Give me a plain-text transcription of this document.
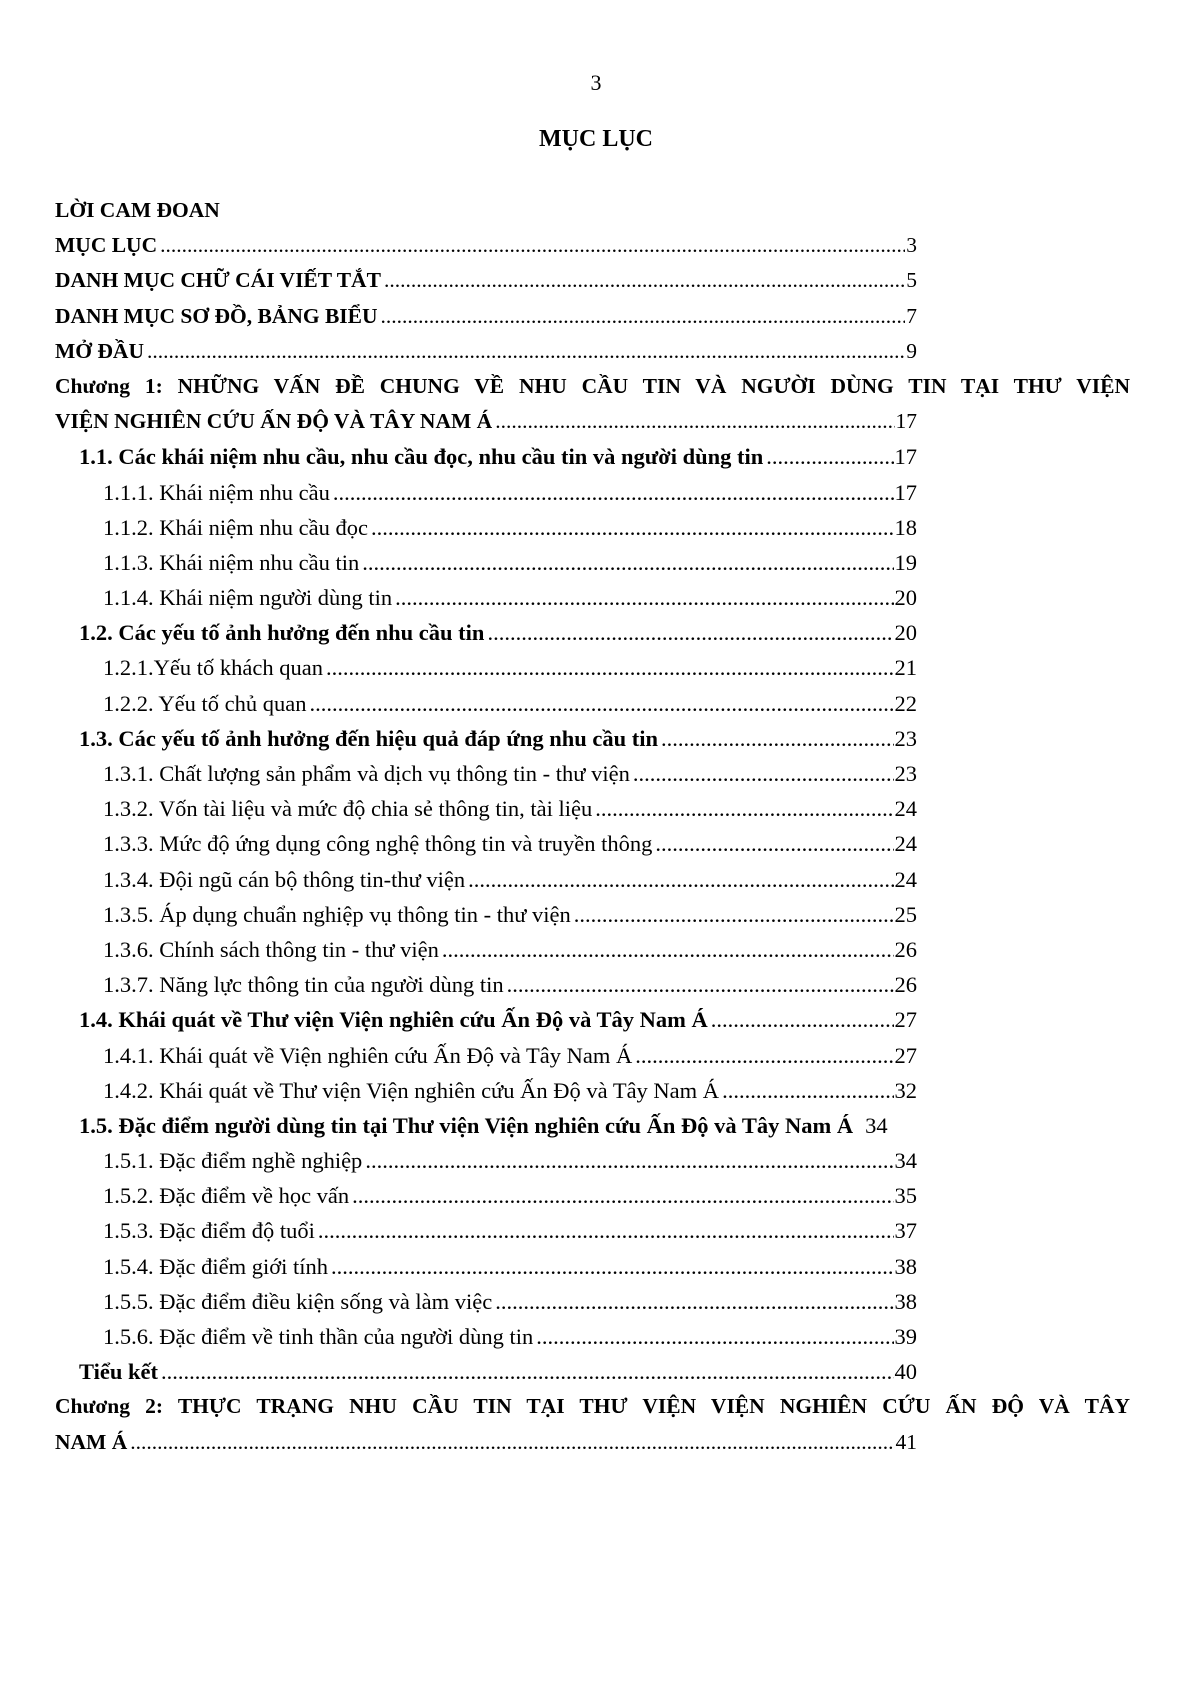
3
MỤC LỤC
LỜI CAM ĐOAN
MỤC LỤC .....	3
DANH MỤC CHỮ CÁI VIẾT TẮT .....	5
DANH MỤC SƠ ĐỒ, BẢNG BIỂU .....	7
MỞ ĐẦU .....	9
Chương 1: NHỮNG VẤN ĐỀ CHUNG VỀ NHU CẦU TIN VÀ NGƯỜI DÙNG TIN TẠI THƯ VIỆN
VIỆN NGHIÊN CỨU ẤN ĐỘ VÀ TÂY NAM Á .....	17
1.1. Các khái niệm nhu cầu, nhu cầu đọc, nhu cầu tin và người dùng tin .....	17
1.1.1. Khái niệm nhu cầu .....	17
1.1.2. Khái niệm nhu cầu đọc .....	18
1.1.3. Khái niệm nhu cầu tin .....	19
1.1.4. Khái niệm người dùng tin .....	20
1.2. Các yếu tố ảnh hưởng đến nhu cầu tin .....	20
1.2.1.Yếu tố khách quan .....	21
1.2.2. Yếu tố chủ quan .....	22
1.3. Các yếu tố ảnh hưởng đến hiệu quả đáp ứng nhu cầu tin .....	23
1.3.1. Chất lượng sản phẩm và dịch vụ thông tin - thư viện .....	23
1.3.2. Vốn tài liệu và mức độ chia sẻ thông tin, tài liệu .....	24
1.3.3. Mức độ ứng dụng công nghệ thông tin và truyền thông .....	24
1.3.4. Đội ngũ cán bộ thông tin-thư viện .....	24
1.3.5. Áp dụng chuẩn nghiệp vụ thông tin - thư viện .....	25
1.3.6. Chính sách thông tin - thư viện .....	26
1.3.7. Năng lực thông tin của người dùng tin .....	26
1.4. Khái quát về Thư viện Viện nghiên cứu Ấn Độ và Tây Nam Á .....	27
1.4.1. Khái quát về Viện nghiên cứu Ấn Độ và Tây Nam Á .....	27
1.4.2. Khái quát về Thư viện Viện nghiên cứu Ấn Độ và Tây Nam Á .....	32
1.5. Đặc điểm người dùng tin tại Thư viện Viện nghiên cứu Ấn Độ và Tây Nam Á 34
1.5.1. Đặc điểm nghề nghiệp .....	34
1.5.2. Đặc điểm về học vấn .....	35
1.5.3. Đặc điểm độ tuổi .....	37
1.5.4. Đặc điểm giới tính .....	38
1.5.5. Đặc điểm điều kiện sống và làm việc .....	38
1.5.6. Đặc điểm về tinh thần của người dùng tin .....	39
Tiểu kết .....	40
Chương 2: THỰC TRẠNG NHU CẦU TIN TẠI THƯ VIỆN VIỆN NGHIÊN CỨU ẤN ĐỘ VÀ TÂY
NAM Á .....	41
